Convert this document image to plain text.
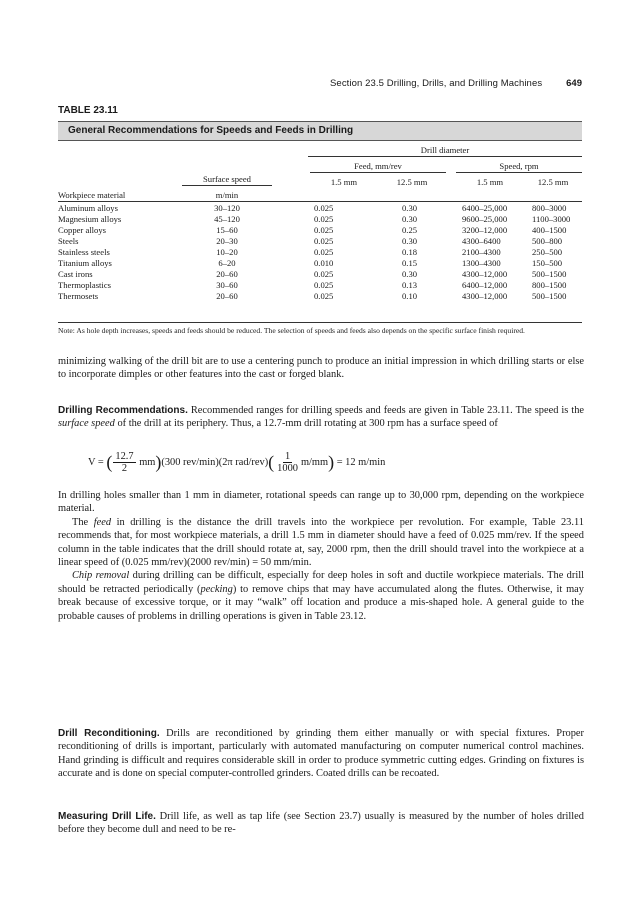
Section 23.5 Drilling, Drills, and Drilling Machines	649
TABLE 23.11
General Recommendations for Speeds and Feeds in Drilling
Drill diameter
Feed, mm/rev	Speed, rpm
Surface speed	1.5 mm	12.5 mm	1.5 mm	12.5 mm
Workpiece material	m/min
Aluminum alloys	30–120	0.025	0.30	6400–25,000	800–3000
Magnesium alloys	45–120	0.025	0.30	9600–25,000	1100–3000
Copper alloys	15–60	0.025	0.25	3200–12,000	400–1500
Steels	20–30	0.025	0.30	4300–6400	500–800
Stainless steels	10–20	0.025	0.18	2100–4300	250–500
Titanium alloys	6–20	0.010	0.15	1300–4300	150–500
Cast irons	20–60	0.025	0.30	4300–12,000	500–1500
Thermoplastics	30–60	0.025	0.13	6400–12,000	800–1500
Thermosets	20–60	0.025	0.10	4300–12,000	500–1500
Note: As hole depth increases, speeds and feeds should be reduced. The selection of speeds and feeds also depends on the specific surface finish required.

minimizing walking of the drill bit are to use a centering punch to produce an initial impression in which drilling starts or else to incorporate dimples or other features into the cast or forged blank.

Drilling Recommendations. Recommended ranges for drilling speeds and feeds are given in Table 23.11. The speed is the surface speed of the drill at its periphery. Thus, a 12.7-mm drill rotating at 300 rpm has a surface speed of

V = ( $\frac{12.7}{2} mm)(300$ rev/min)(2π $rad/rev)( \frac{1}{1000} m/mm) = 12$ m/min

In drilling holes smaller than 1 mm in diameter, rotational speeds can range up to 30,000 rpm, depending on the workpiece material.

The feed in drilling is the distance the drill travels into the workpiece per revolution. For example, Table 23.11 recommends that, for most workpiece materials, a drill 1.5 mm in diameter should have a feed of 0.025 mm/rev. If the speed column in the table indicates that the drill should rotate at, say, 2000 rpm, then the drill should travel into the workpiece at a linear speed of (0.025 mm/rev)(2000 rev/min) = 50 mm/min.

Chip removal during drilling can be difficult, especially for deep holes in soft and ductile workpiece materials. The drill should be retracted periodically (pecking) to remove chips that may have accumulated along the flutes. Otherwise, it may break because of excessive torque, or it may “walk” off location and produce a mis-shaped hole. A general guide to the probable causes of problems in drilling operations is given in Table 23.12.

Drill Reconditioning. Drills are reconditioned by grinding them either manually or with special fixtures. Proper reconditioning of drills is important, particularly with automated manufacturing on computer numerical control machines. Hand grinding is difficult and requires considerable skill in order to produce symmetric cutting edges. Grinding on fixtures is accurate and is done on special computer-controlled grinders. Coated drills can be recoated.

Measuring Drill Life. Drill life, as well as tap life (see Section 23.7) usually is measured by the number of holes drilled before they become dull and need to be re-
